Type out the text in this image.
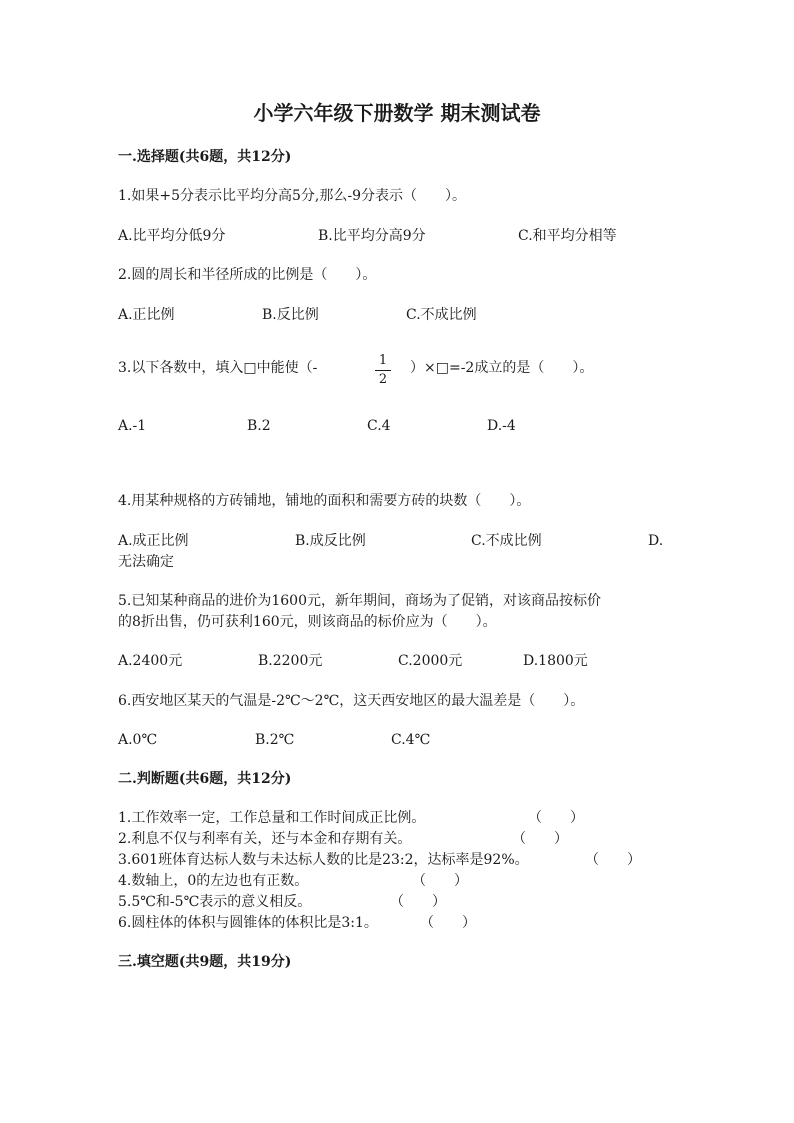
小学六年级下册数学 期末测试卷
一.选择题(共6题，共12分)
1.如果+5分表示比平均分高5分,那么-9分表示（　　）。
A.比平均分低9分	B.比平均分高9分	C.和平均分相等
2.圆的周长和半径所成的比例是（　　）。
A.正比例	B.反比例	C.不成比例
3.以下各数中，填入□中能使（-	1
2
）×□=-2成立的是（　　）。
A.-1	B.2	C.4	D.-4
4.用某种规格的方砖铺地，铺地的面积和需要方砖的块数（　　）。
A.成正比例	B.成反比例	C.不成比例	D.
无法确定
5.已知某种商品的进价为1600元，新年期间，商场为了促销，对该商品按标价
的8折出售，仍可获利160元，则该商品的标价应为（　　）。
A.2400元	B.2200元	C.2000元	D.1800元
6.西安地区某天的气温是-2℃～2℃，这天西安地区的最大温差是（　　）。
A.0℃	B.2℃	C.4℃
二.判断题(共6题，共12分)
1.工作效率一定，工作总量和工作时间成正比例。	（　　）
2.利息不仅与利率有关，还与本金和存期有关。	（　　）
3.601班体育达标人数与未达标人数的比是23:2，达标率是92%。	（　　）
4.数轴上，0的左边也有正数。	（　　）
5.5℃和-5℃表示的意义相反。	（　　）
6.圆柱体的体积与圆锥体的体积比是3:1。	（　　）
三.填空题(共9题，共19分)
